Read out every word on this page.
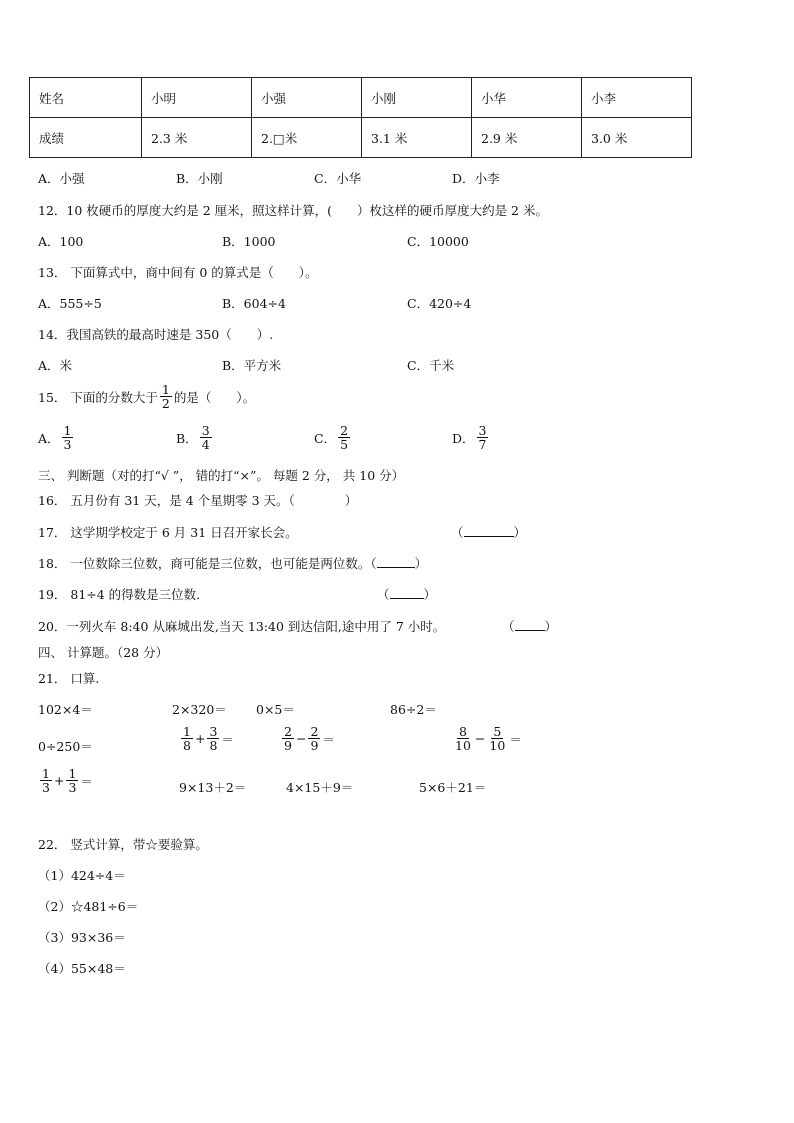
姓名	小明	小强	小刚	小华	小李
成绩	2.3 米	2.□米	3.1 米	2.9 米	3.0 米
A．小强	B．小刚	C．小华	D．小李
12．10 枚硬币的厚度大约是 2 厘米，照这样计算，(　　）枚这样的硬币厚度大约是 2 米。
A．100	B．1000	C．10000
13． 下面算式中，商中间有 0 的算式是（　　）。
A．555÷5	B．604÷4	C．420÷4
14．我国高铁的最高时速是 350（　　）.
A．米	B．平方米	C．千米
15． 下面的分数大于 $\frac{1}{2}$ 的是（　　）。
A． $\frac{1}{3}$	B． $\frac{3}{4}$	C． $\frac{2}{5}$	D． $\frac{3}{7}$
三、 判断题（对的打“√ ”， 错的打“×”。 每题 2 分， 共 10 分）
16． 五月份有 31 天，是 4 个星期零 3 天。（　　　　）
17． 这学期学校定于 6 月 31 日召开家长会。	（	）
18． 一位数除三位数，商可能是三位数，也可能是两位数。（	）
19． 81÷4 的得数是三位数．	（	）
20．一列火车 8:40 从麻城出发,当天 13:40 到达信阳,途中用了 7 小时。	（ ）
四、 计算题。（28 分）
21． 口算.
102×4＝	2×320＝ 0×5＝	86÷2＝
0÷250＝	$\frac{1}{8} + \frac{3}{8}$ ＝	$\frac{2}{9} - \frac{2}{9}$ ＝	$\frac{8}{10} - \frac{5}{10}$ ＝
$\frac{1}{3} + \frac{1}{3}$ ＝	9×13＋2＝	4×15＋9＝	5×6＋21＝
22． 竖式计算，带☆要验算。
（1）424÷4＝
（2）☆481÷6＝
（3）93×36＝
（4）55×48＝
